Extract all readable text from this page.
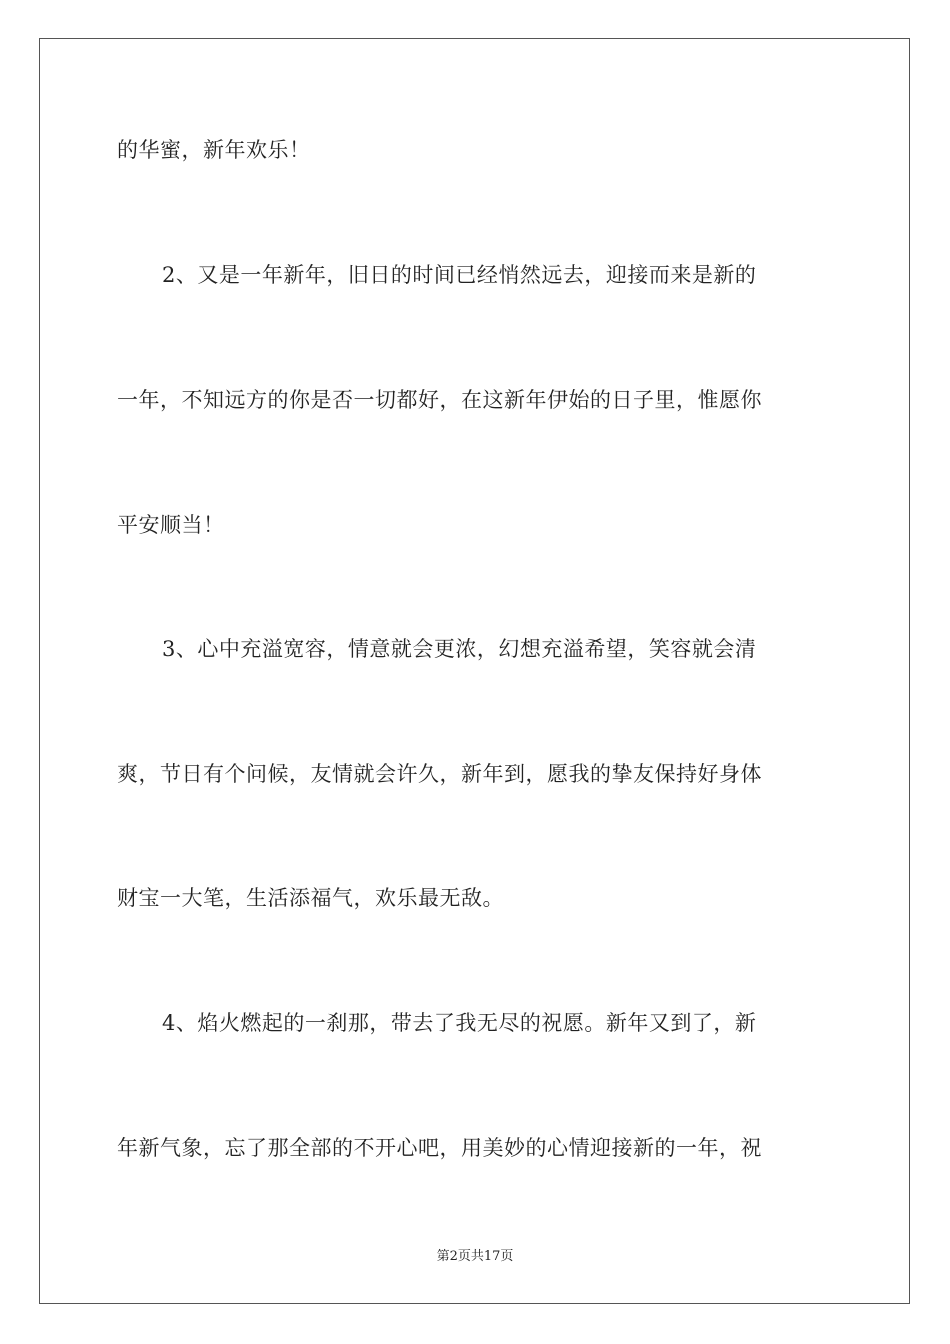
的华蜜，新年欢乐！

2、又是一年新年，旧日的时间已经悄然远去，迎接而来是新的

一年，不知远方的你是否一切都好，在这新年伊始的日子里，惟愿你

平安顺当！

3、心中充溢宽容，情意就会更浓，幻想充溢希望，笑容就会清

爽，节日有个问候，友情就会许久，新年到，愿我的挚友保持好身体

财宝一大笔，生活添福气，欢乐最无敌。

4、焰火燃起的一刹那，带去了我无尽的祝愿。新年又到了，新

年新气象，忘了那全部的不开心吧，用美妙的心情迎接新的一年，祝

第2页共17页
